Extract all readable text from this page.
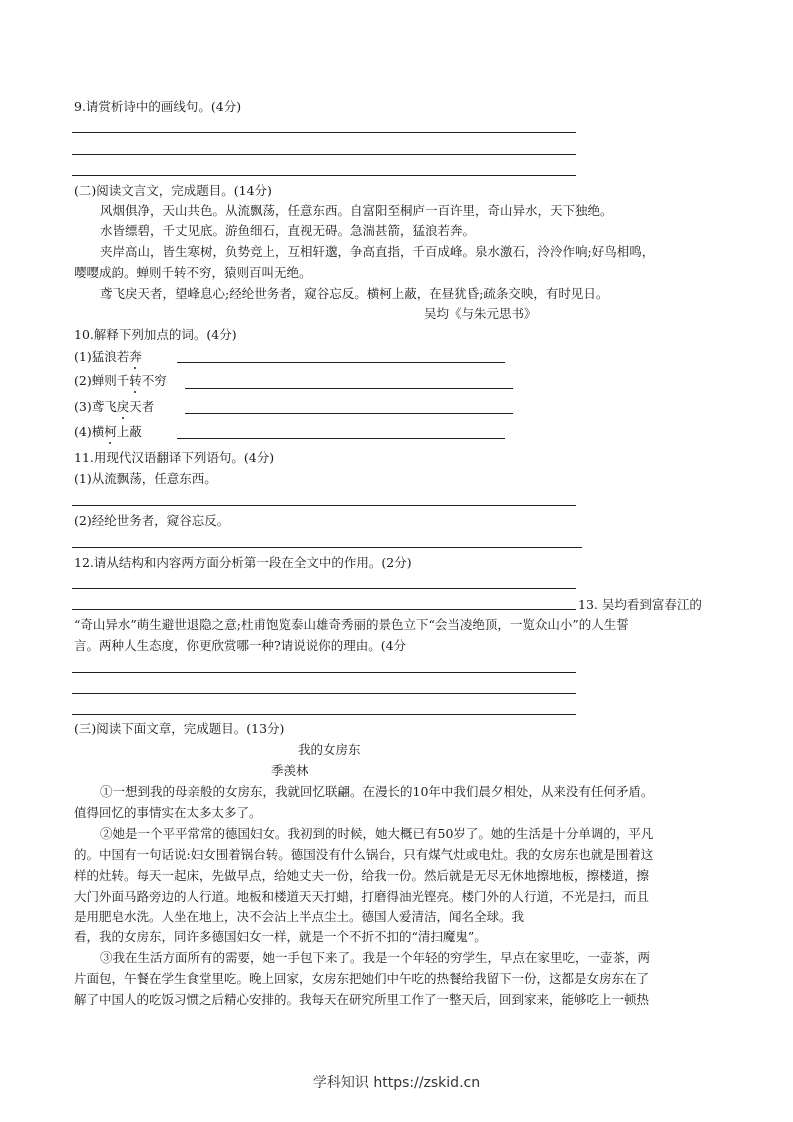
9.请赏析诗中的画线句。(4分)
(二)阅读文言文，完成题目。(14分)
风烟俱净，天山共色。从流飘荡，任意东西。自富阳至桐庐一百许里，奇山异水，天下独绝。
水皆缥碧，千丈见底。游鱼细石，直视无碍。急湍甚箭，猛浪若奔。
夹岸高山，皆生寒树，负势竞上，互相轩邈，争高直指，千百成峰。泉水激石，泠泠作响;好鸟相鸣，
嘤嘤成韵。蝉则千转不穷，猿则百叫无绝。
鸢飞戾天者，望峰息心;经纶世务者，窥谷忘反。横柯上蔽，在昼犹昏;疏条交映，有时见日。
吴均《与朱元思书》
10.解释下列加点的词。(4分)
(1)猛浪若奔
(2)蝉则千转不穷
(3)鸢飞戾天者
(4)横柯上蔽
11.用现代汉语翻译下列语句。(4分)
(1)从流飘荡，任意东西。
(2)经纶世务者，窥谷忘反。
12.请从结构和内容两方面分析第一段在全文中的作用。(2分)
13. 吴均看到富春江的
“奇山异水”萌生避世退隐之意;杜甫饱览泰山雄奇秀丽的景色立下“会当凌绝顶，一览众山小”的人生誓
言。两种人生态度，你更欣赏哪一种?请说说你的理由。(4分
(三)阅读下面文章，完成题目。(13分)
我的女房东
季羡林
①一想到我的母亲般的女房东，我就回忆联翩。在漫长的10年中我们晨夕相处，从来没有任何矛盾。
值得回忆的事情实在太多太多了。
②她是一个平平常常的德国妇女。我初到的时候，她大概已有50岁了。她的生活是十分单调的，平凡
的。中国有一句话说:妇女围着锅台转。德国没有什么锅台，只有煤气灶或电灶。我的女房东也就是围着这
样的灶转。每天一起床，先做早点，给她丈夫一份，给我一份。然后就是无尽无休地擦地板，擦楼道，擦
大门外面马路旁边的人行道。地板和楼道天天打蜡，打磨得油光铿亮。楼门外的人行道，不光是扫，而且
是用肥皂水洗。人坐在地上，决不会沾上半点尘土。德国人爱清洁，闻名全球。我
看，我的女房东，同许多德国妇女一样，就是一个不折不扣的“清扫魔鬼”。
③我在生活方面所有的需要，她一手包下来了。我是一个年轻的穷学生，早点在家里吃，一壶茶，两
片面包，午餐在学生食堂里吃。晚上回家，女房东把她们中午吃的热餐给我留下一份，这都是女房东在了
解了中国人的吃饭习惯之后精心安排的。我每天在研究所里工作了一整天后，回到家来，能够吃上一顿热
学科知识 https://zskid.cn
